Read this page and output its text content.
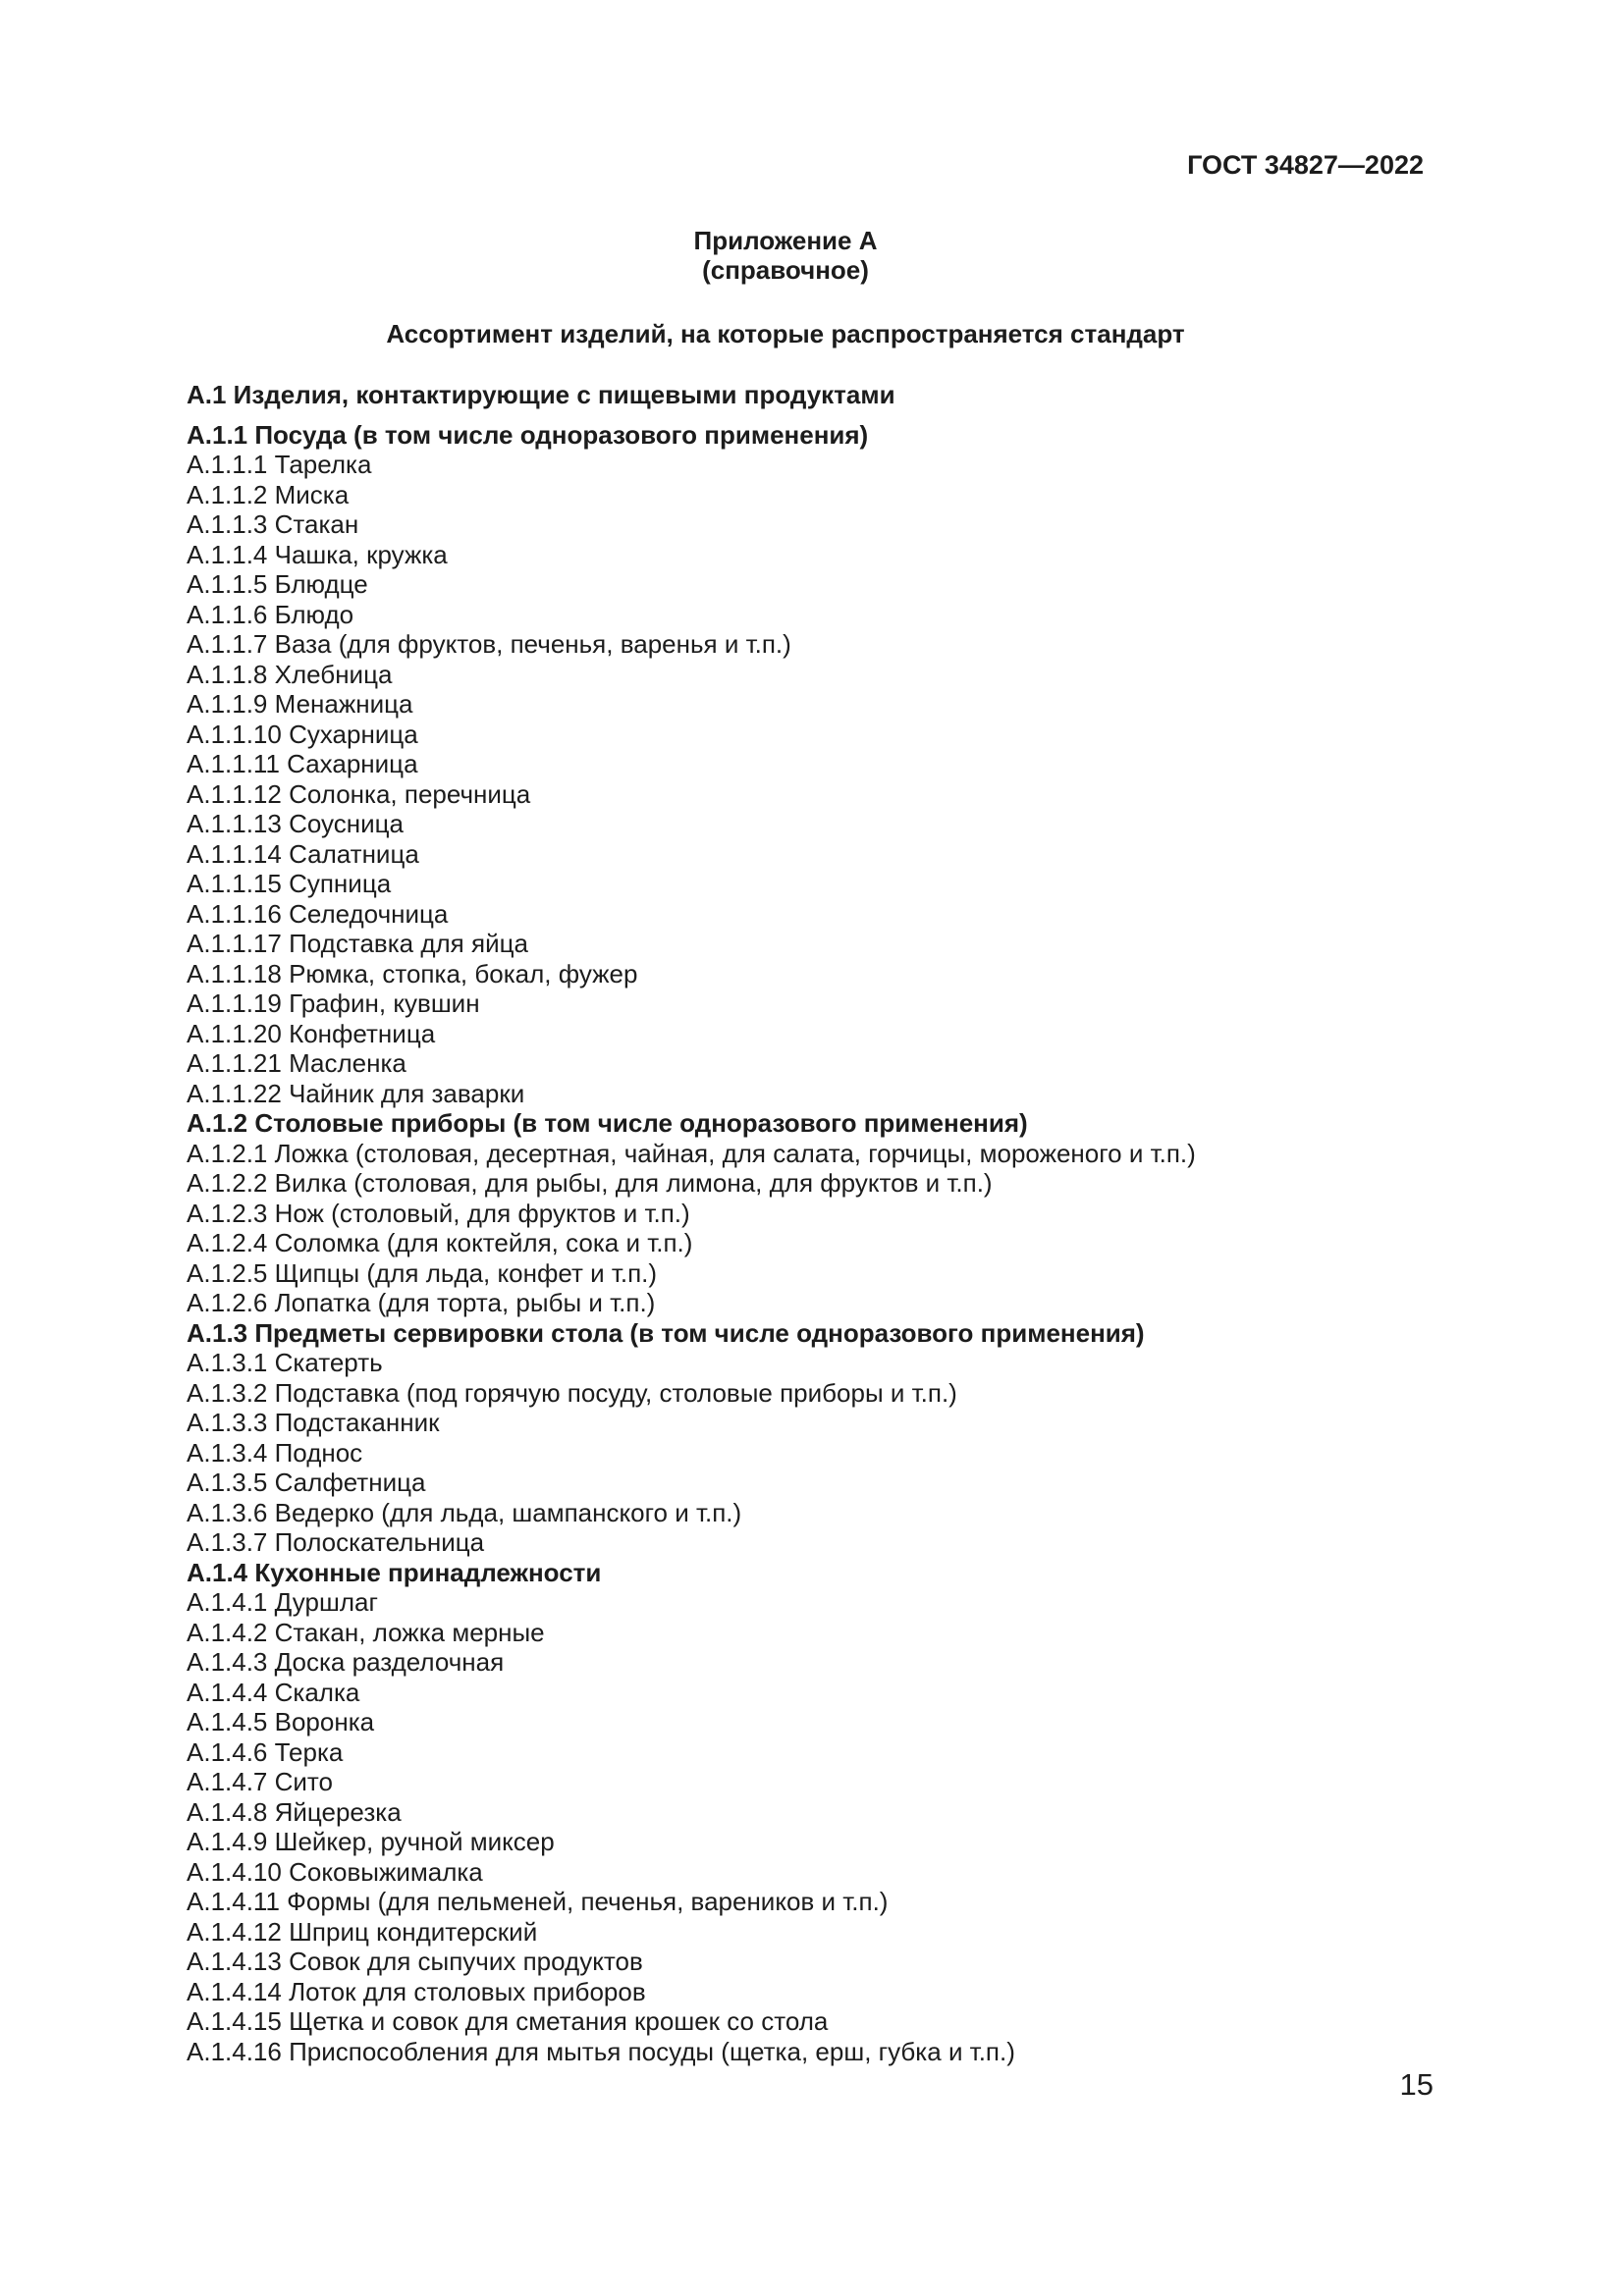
ГОСТ 34827—2022
Приложение А
(справочное)
Ассортимент изделий, на которые распространяется стандарт
А.1 Изделия, контактирующие с пищевыми продуктами
А.1.1 Посуда (в том числе одноразового применения)
А.1.1.1 Тарелка
А.1.1.2 Миска
А.1.1.3 Стакан
А.1.1.4 Чашка, кружка
А.1.1.5 Блюдце
А.1.1.6 Блюдо
А.1.1.7 Ваза (для фруктов, печенья, варенья и т.п.)
А.1.1.8 Хлебница
А.1.1.9 Менажница
А.1.1.10 Сухарница
А.1.1.11 Сахарница
А.1.1.12 Солонка, перечница
А.1.1.13 Соусница
А.1.1.14 Салатница
А.1.1.15 Супница
А.1.1.16 Селедочница
А.1.1.17 Подставка для яйца
А.1.1.18 Рюмка, стопка, бокал, фужер
А.1.1.19 Графин, кувшин
А.1.1.20 Конфетница
А.1.1.21 Масленка
А.1.1.22 Чайник для заварки
А.1.2 Столовые приборы (в том числе одноразового применения)
А.1.2.1 Ложка (столовая, десертная, чайная, для салата, горчицы, мороженого и т.п.)
А.1.2.2 Вилка (столовая, для рыбы, для лимона, для фруктов и т.п.)
А.1.2.3 Нож (столовый, для фруктов и т.п.)
А.1.2.4 Соломка (для коктейля, сока и т.п.)
А.1.2.5 Щипцы (для льда, конфет и т.п.)
А.1.2.6 Лопатка (для торта, рыбы и т.п.)
А.1.3 Предметы сервировки стола (в том числе одноразового применения)
А.1.3.1 Скатерть
А.1.3.2 Подставка (под горячую посуду, столовые приборы и т.п.)
А.1.3.3 Подстаканник
А.1.3.4 Поднос
А.1.3.5 Салфетница
А.1.3.6 Ведерко (для льда, шампанского и т.п.)
А.1.3.7 Полоскательница
А.1.4 Кухонные принадлежности
А.1.4.1 Дуршлаг
А.1.4.2 Стакан, ложка мерные
А.1.4.3 Доска разделочная
А.1.4.4 Скалка
А.1.4.5 Воронка
А.1.4.6 Терка
А.1.4.7 Сито
А.1.4.8 Яйцерезка
А.1.4.9 Шейкер, ручной миксер
А.1.4.10 Соковыжималка
А.1.4.11 Формы (для пельменей, печенья, вареников и т.п.)
А.1.4.12 Шприц кондитерский
А.1.4.13 Совок для сыпучих продуктов
А.1.4.14 Лоток для столовых приборов
А.1.4.15 Щетка и совок для сметания крошек со стола
А.1.4.16 Приспособления для мытья посуды (щетка, ерш, губка и т.п.)
15
